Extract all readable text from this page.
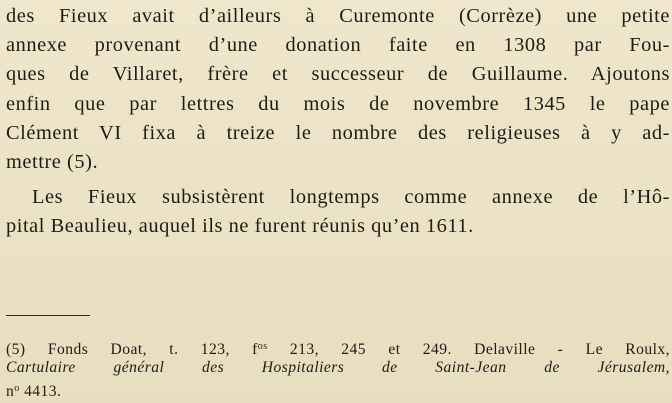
des Fieux avait d’ailleurs à Curemonte (Corrèze) une petite
annexe provenant d’une donation faite en 1308 par Fou-
ques de Villaret, frère et successeur de Guillaume. Ajoutons
enfin que par lettres du mois de novembre 1345 le pape
Clément VI fixa à treize le nombre des religieuses à y ad-
mettre (5).
Les Fieux subsistèrent longtemps comme annexe de l’Hô-
pital Beaulieu, auquel ils ne furent réunis qu’en 1611.
(5) Fonds Doat, t. 123, $f^{os}$ 213, 245 et 249. Delaville - Le Roulx,
Cartulaire général des Hospitaliers de Saint-Jean de Jérusalem,
$n^o$ 4413.
